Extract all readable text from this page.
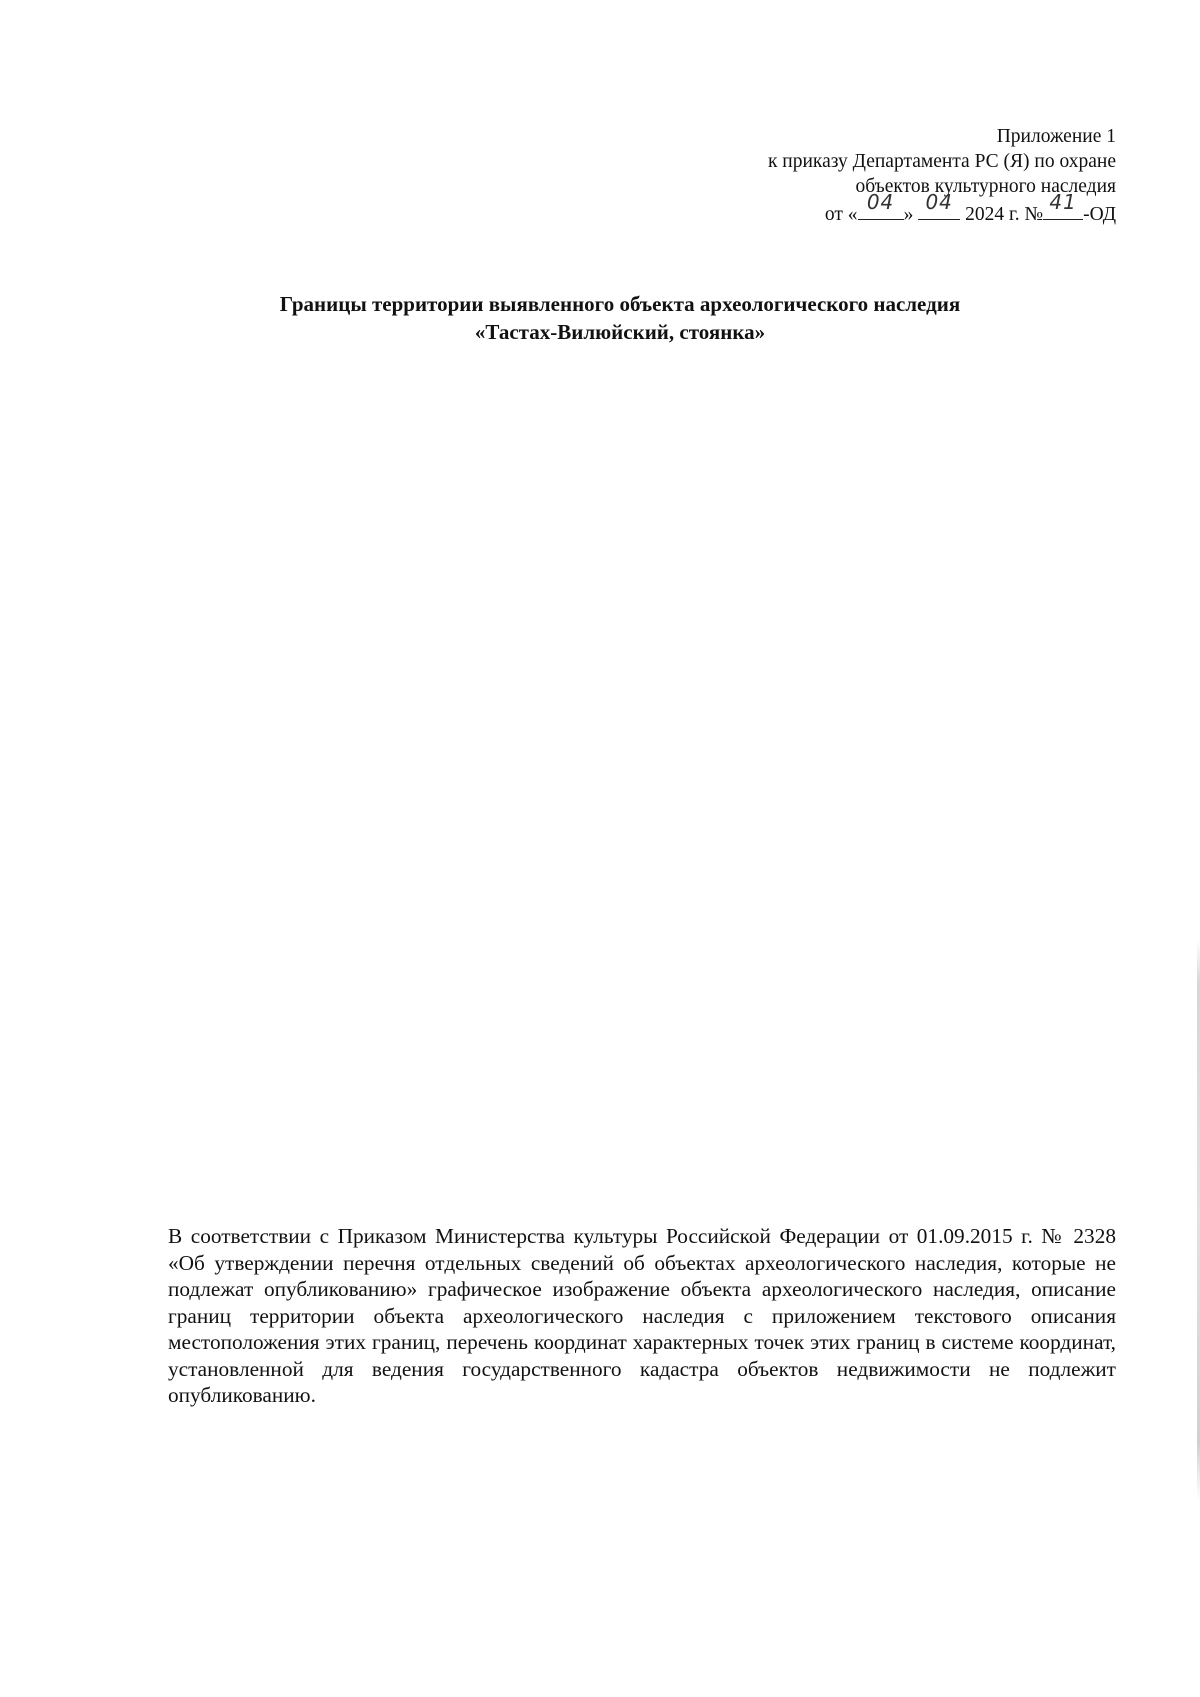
Приложение 1
к приказу Департамента РС (Я) по охране
объектов культурного наследия
от «
04
»
04
2024 г. №
41
-ОД
Границы территории выявленного объекта археологического наследия
«Тастах-Вилюйский, стоянка»
В соответствии с Приказом Министерства культуры Российской Федерации от 01.09.2015 г. № 2328 «Об утверждении перечня отдельных сведений об объектах археологического наследия, которые не подлежат опубликованию» графическое изображение объекта археологического наследия, описание границ территории объекта археологического наследия с приложением текстового описания местоположения этих границ, перечень координат характерных точек этих границ в системе координат, установленной для ведения государственного кадастра объектов недвижимости не подлежит опубликованию.
